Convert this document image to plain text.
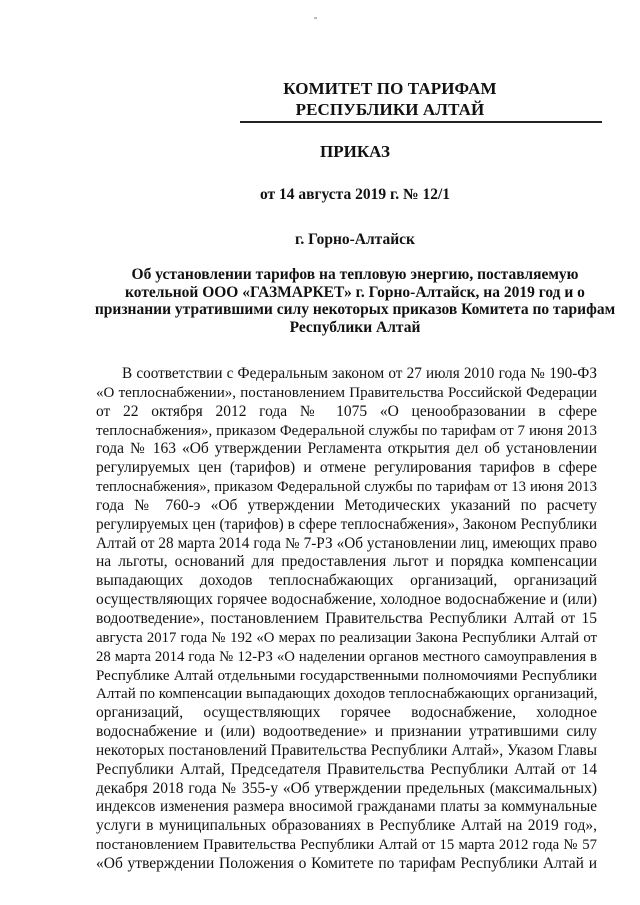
КОМИТЕТ ПО ТАРИФАМ
РЕСПУБЛИКИ АЛТАЙ
ПРИКАЗ
от 14 августа 2019 г. № 12/1
г. Горно-Алтайск
Об установлении тарифов на тепловую энергию, поставляемую
котельной ООО «ГАЗМАРКЕТ» г. Горно-Алтайск, на 2019 год и о
признании утратившими силу некоторых приказов Комитета по тарифам
Республики Алтай
В соответствии с Федеральным законом от 27 июля 2010 года № 190-ФЗ
«О теплоснабжении», постановлением Правительства Российской Федерации
от 22 октября 2012 года № 1075 «О ценообразовании в сфере
теплоснабжения», приказом Федеральной службы по тарифам от 7 июня 2013
года № 163 «Об утверждении Регламента открытия дел об установлении
регулируемых цен (тарифов) и отмене регулирования тарифов в сфере
теплоснабжения», приказом Федеральной службы по тарифам от 13 июня 2013
года № 760-э «Об утверждении Методических указаний по расчету
регулируемых цен (тарифов) в сфере теплоснабжения», Законом Республики
Алтай от 28 марта 2014 года № 7-РЗ «Об установлении лиц, имеющих право
на льготы, оснований для предоставления льгот и порядка компенсации
выпадающих доходов теплоснабжающих организаций, организаций
осуществляющих горячее водоснабжение, холодное водоснабжение и (или)
водоотведение», постановлением Правительства Республики Алтай от 15
августа 2017 года № 192 «О мерах по реализации Закона Республики Алтай от
28 марта 2014 года № 12-РЗ «О наделении органов местного самоуправления в
Республике Алтай отдельными государственными полномочиями Республики
Алтай по компенсации выпадающих доходов теплоснабжающих организаций,
организаций, осуществляющих горячее водоснабжение, холодное
водоснабжение и (или) водоотведение» и признании утратившими силу
некоторых постановлений Правительства Республики Алтай», Указом Главы
Республики Алтай, Председателя Правительства Республики Алтай от 14
декабря 2018 года № 355-у «Об утверждении предельных (максимальных)
индексов изменения размера вносимой гражданами платы за коммунальные
услуги в муниципальных образованиях в Республике Алтай на 2019 год»,
постановлением Правительства Республики Алтай от 15 марта 2012 года № 57
«Об утверждении Положения о Комитете по тарифам Республики Алтай и
